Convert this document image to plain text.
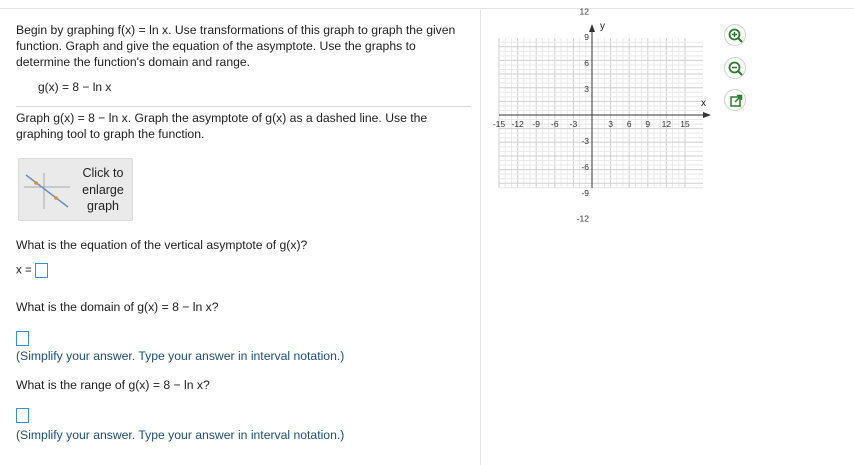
Begin by graphing f(x) = ln x. Use transformations of this graph to graph the given function. Graph and give the equation of the asymptote. Use the graphs to determine the function's domain and range.

g(x) = 8 − ln x

Graph g(x) = 8 − ln x. Graph the asymptote of g(x) as a dashed line. Use the graphing tool to graph the function.

Click to enlarge graph

What is the equation of the vertical asymptote of g(x)?

x =

What is the domain of g(x) = 8 − ln x?

(Simplify your answer. Type your answer in interval notation.)

What is the range of g(x) = 8 − ln x?

(Simplify your answer. Type your answer in interval notation.)

y
x
-15 -12 -9 -6 -3	3 6 9 12 15
12
9
6
3
-3
-6
-9
-12
